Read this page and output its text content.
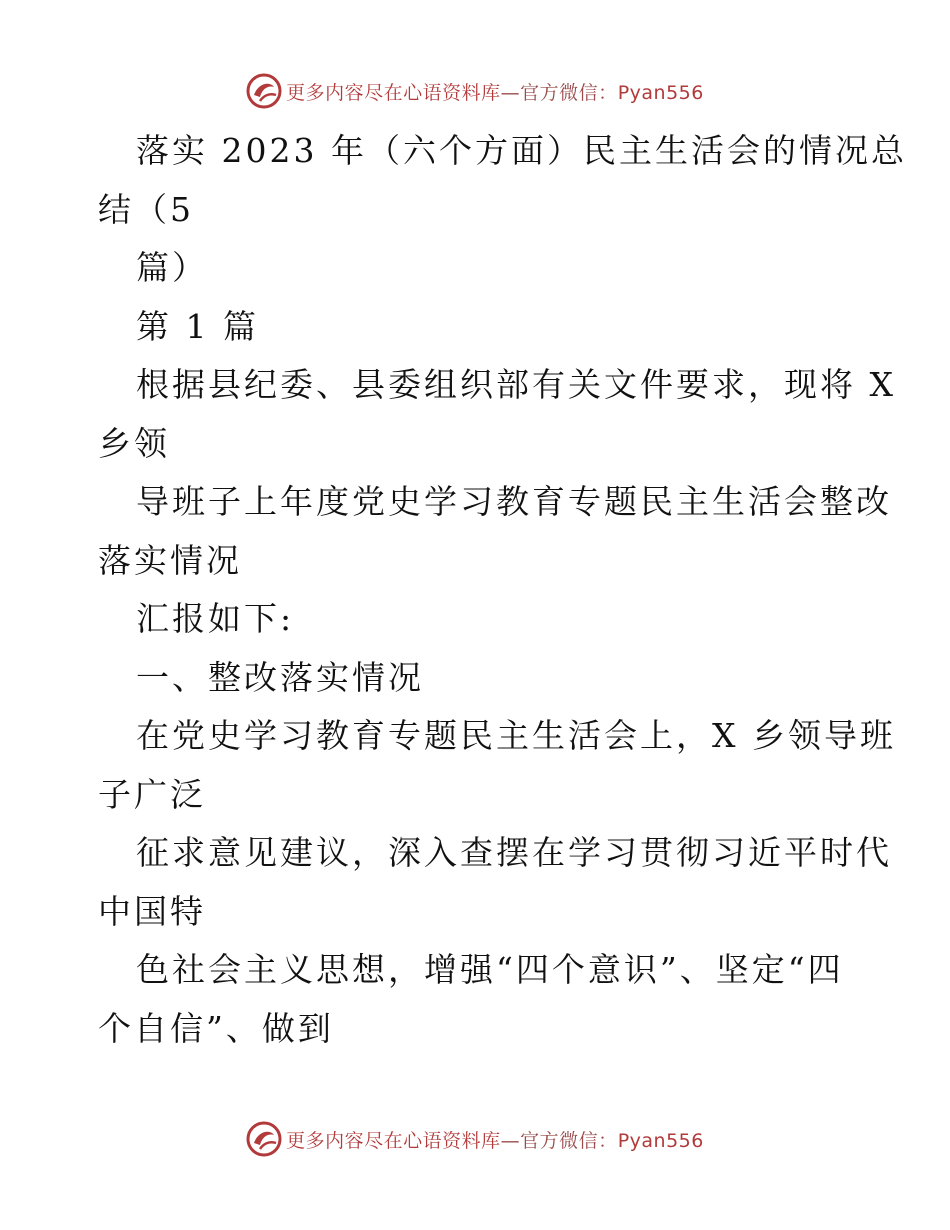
更多内容尽在心语资料库—官方微信：Pyan556
落实 2023 年（六个方面）民主生活会的情况总
结（5
篇）
第 1 篇
根据县纪委、县委组织部有关文件要求，现将 X
乡领
导班子上年度党史学习教育专题民主生活会整改
落实情况
汇报如下:
一、整改落实情况
在党史学习教育专题民主生活会上，X 乡领导班
子广泛
征求意见建议，深入查摆在学习贯彻习近平时代
中国特
色社会主义思想，增强“四个意识”、坚定“四
个自信”、做到
更多内容尽在心语资料库—官方微信：Pyan556
